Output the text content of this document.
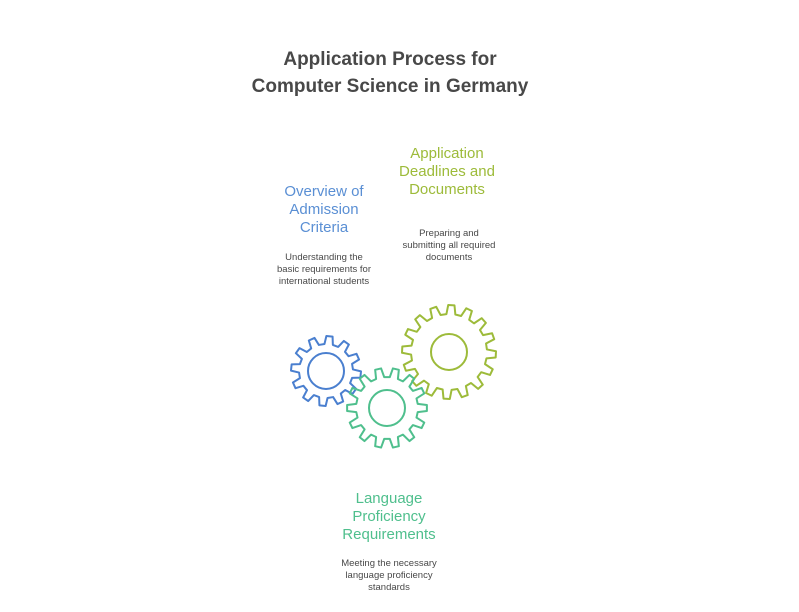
Application Process for Computer Science in Germany
Overview of Admission Criteria
Understanding the basic requirements for international students
Application Deadlines and Documents
Preparing and submitting all required documents
Language Proficiency Requirements
Meeting the necessary language proficiency standards
